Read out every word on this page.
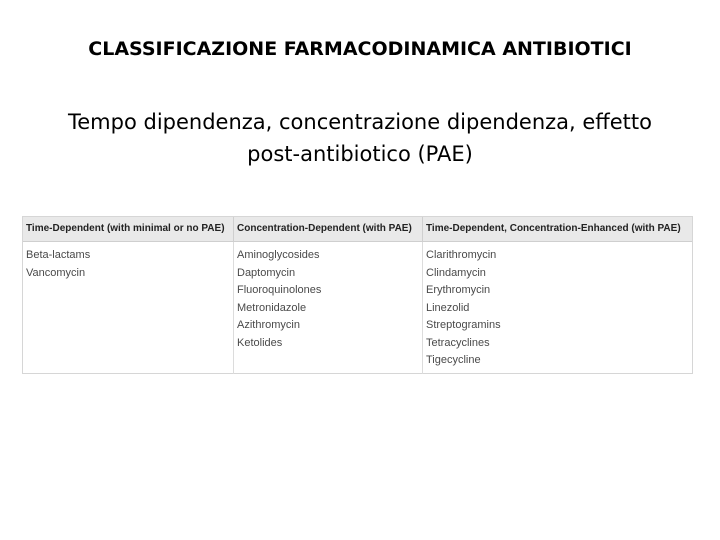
CLASSIFICAZIONE FARMACODINAMICA ANTIBIOTICI
Tempo dipendenza, concentrazione dipendenza, effetto
post-antibiotico (PAE)
Time-Dependent (with minimal or no PAE)	Concentration-Dependent (with PAE)	Time-Dependent, Concentration-Enhanced (with PAE)
Beta-lactams
Vancomycin
Aminoglycosides
Daptomycin
Fluoroquinolones
Metronidazole
Azithromycin
Ketolides
Clarithromycin
Clindamycin
Erythromycin
Linezolid
Streptogramins
Tetracyclines
Tigecycline
